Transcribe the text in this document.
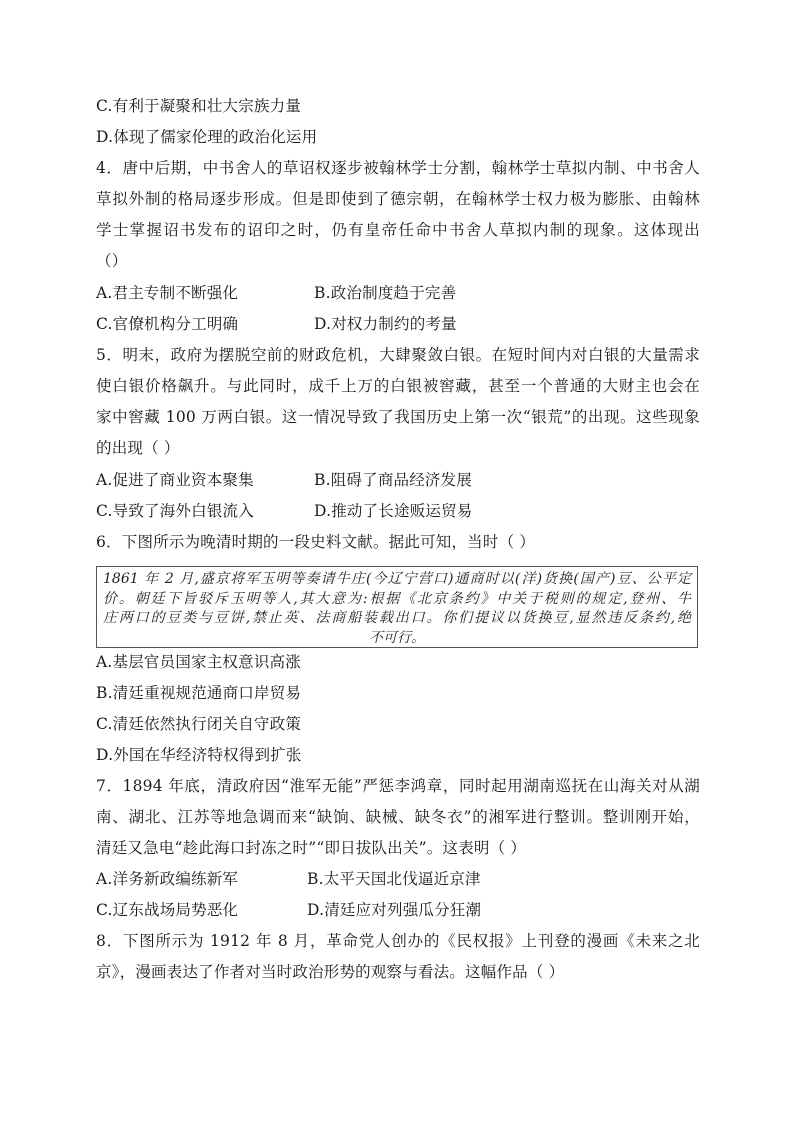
C.有利于凝聚和壮大宗族力量
D.体现了儒家伦理的政治化运用
4．唐中后期，中书舍人的草诏权逐步被翰林学士分割，翰林学士草拟内制、中书舍人
草拟外制的格局逐步形成。但是即使到了德宗朝，在翰林学士权力极为膨胀、由翰林
学士掌握诏书发布的诏印之时，仍有皇帝任命中书舍人草拟内制的现象。这体现出
（）
A.君主专制不断强化	B.政治制度趋于完善
C.官僚机构分工明确	D.对权力制约的考量
5．明末，政府为摆脱空前的财政危机，大肆聚敛白银。在短时间内对白银的大量需求
使白银价格飙升。与此同时，成千上万的白银被窖藏，甚至一个普通的大财主也会在
家中窖藏 100 万两白银。这一情况导致了我国历史上第一次“银荒”的出现。这些现象
的出现（ ）
A.促进了商业资本聚集	B.阻碍了商品经济发展
C.导致了海外白银流入	D.推动了长途贩运贸易
6．下图所示为晚清时期的一段史料文献。据此可知，当时（ ）
1861 年 2 月,盛京将军玉明等奏请牛庄(今辽宁营口)通商时以(洋)货换(国产)豆、公平定
价。朝廷下旨驳斥玉明等人,其大意为:根据《北京条约》中关于税则的规定,登州、牛
庄两口的豆类与豆饼,禁止英、法商船装载出口。你们提议以货换豆,显然违反条约,绝
不可行。
A.基层官员国家主权意识高涨
B.清廷重视规范通商口岸贸易
C.清廷依然执行闭关自守政策
D.外国在华经济特权得到扩张
7．1894 年底，清政府因“淮军无能”严惩李鸿章，同时起用湖南巡抚在山海关对从湖
南、湖北、江苏等地急调而来“缺饷、缺械、缺冬衣”的湘军进行整训。整训刚开始，
清廷又急电“趁此海口封冻之时”“即日拔队出关”。这表明（ ）
A.洋务新政编练新军	B.太平天国北伐逼近京津
C.辽东战场局势恶化	D.清廷应对列强瓜分狂潮
8．下图所示为 1912 年 8 月，革命党人创办的《民权报》上刊登的漫画《未来之北
京》，漫画表达了作者对当时政治形势的观察与看法。这幅作品（ ）
